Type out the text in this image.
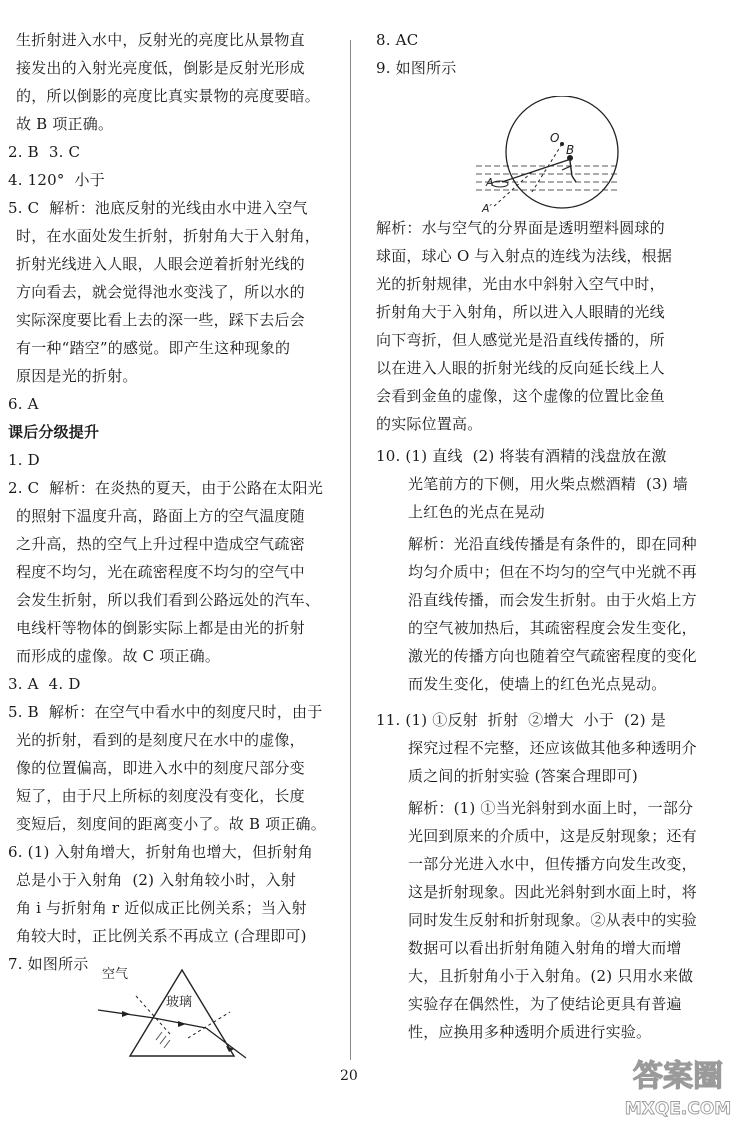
生折射进入水中，反射光的亮度比从景物直
接发出的入射光亮度低，倒影是反射光形成
的，所以倒影的亮度比真实景物的亮度要暗。
故 B 项正确。
2. B  3. C
4. 120°  小于
5. C  解析：池底反射的光线由水中进入空气
时，在水面处发生折射，折射角大于入射角，
折射光线进入人眼，人眼会逆着折射光线的
方向看去，就会觉得池水变浅了，所以水的
实际深度要比看上去的深一些，踩下去后会
有一种“踏空”的感觉。即产生这种现象的
原因是光的折射。
6. A
课后分级提升
1. D
2. C  解析：在炎热的夏天，由于公路在太阳光
的照射下温度升高，路面上方的空气温度随
之升高，热的空气上升过程中造成空气疏密
程度不均匀，光在疏密程度不均匀的空气中
会发生折射，所以我们看到公路远处的汽车、
电线杆等物体的倒影实际上都是由光的折射
而形成的虚像。故 C 项正确。
3. A  4. D
5. B  解析：在空气中看水中的刻度尺时，由于
光的折射，看到的是刻度尺在水中的虚像，
像的位置偏高，即进入水中的刻度尺部分变
短了，由于尺上所标的刻度没有变化，长度
变短后，刻度间的距离变小了。故 B 项正确。
6. (1) 入射角增大，折射角也增大，但折射角
总是小于入射角  (2) 入射角较小时，入射
角 i 与折射角 r 近似成正比例关系；当入射
角较大时，正比例关系不再成立 (合理即可)
7. 如图所示
8. AC
9. 如图所示
解析：水与空气的分界面是透明塑料圆球的
球面，球心 O 与入射点的连线为法线，根据
光的折射规律，光由水中斜射入空气中时，
折射角大于入射角，所以进入人眼睛的光线
向下弯折，但人感觉光是沿直线传播的，所
以在进入人眼的折射光线的反向延长线上人
会看到金鱼的虚像，这个虚像的位置比金鱼
的实际位置高。
10. (1) 直线  (2) 将装有酒精的浅盘放在激
光笔前方的下侧，用火柴点燃酒精  (3) 墙
上红色的光点在晃动
解析：光沿直线传播是有条件的，即在同种
均匀介质中；但在不均匀的空气中光就不再
沿直线传播，而会发生折射。由于火焰上方
的空气被加热后，其疏密程度会发生变化，
激光的传播方向也随着空气疏密程度的变化
而发生变化，使墙上的红色光点晃动。
11. (1) ①反射  折射  ②增大  小于  (2) 是
探究过程不完整，还应该做其他多种透明介
质之间的折射实验 (答案合理即可)
解析：(1) ①当光斜射到水面上时，一部分
光回到原来的介质中，这是反射现象；还有
一部分光进入水中，但传播方向发生改变，
这是折射现象。因此光斜射到水面上时，将
同时发生反射和折射现象。②从表中的实验
数据可以看出折射角随入射角的增大而增
大，且折射角小于入射角。(2) 只用水来做
实验存在偶然性，为了使结论更具有普遍
性，应换用多种透明介质进行实验。
空气
玻璃
O
B
A
A′
20	答案圈
MXQE.COM
